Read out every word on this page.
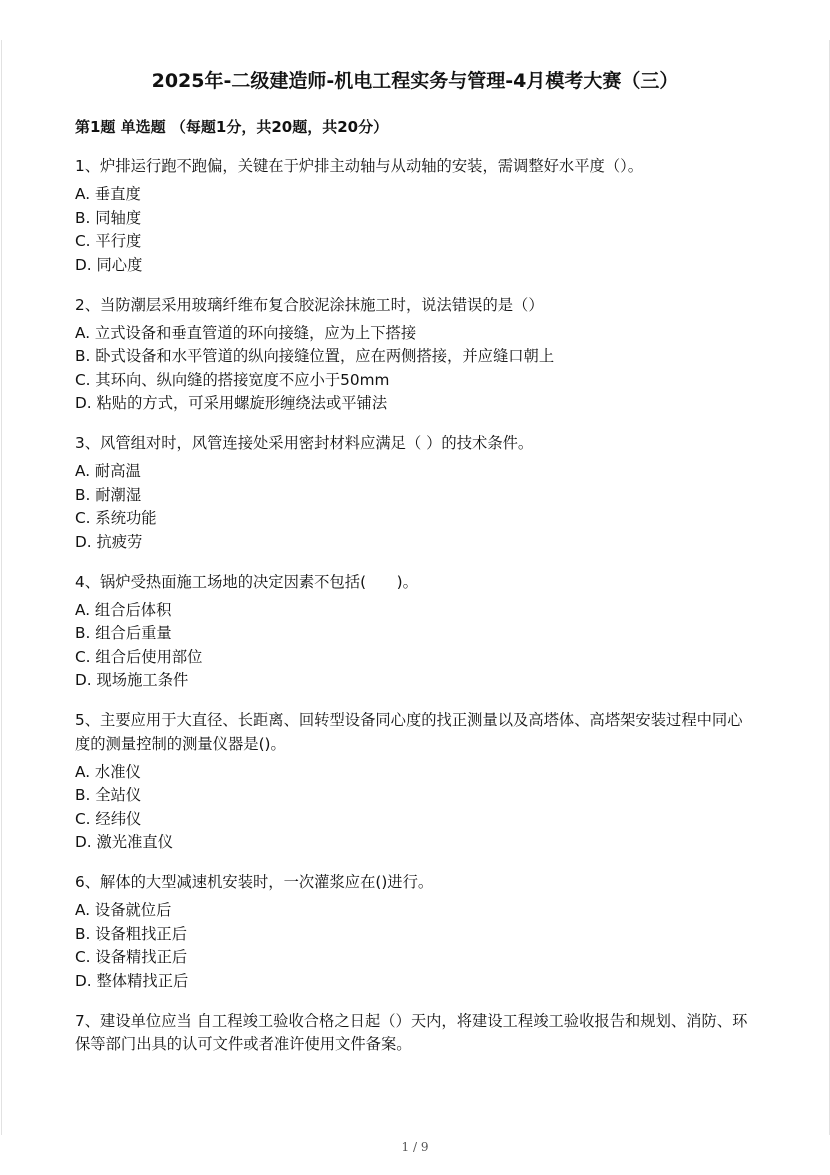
2025年-二级建造师-机电工程实务与管理-4月模考大赛（三）
第1题 单选题 （每题1分，共20题，共20分）
1、炉排运行跑不跑偏，关键在于炉排主动轴与从动轴的安装，需调整好水平度（）。
A. 垂直度
B. 同轴度
C. 平行度
D. 同心度
2、当防潮层采用玻璃纤维布复合胶泥涂抹施工时，说法错误的是（）
A. 立式设备和垂直管道的环向接缝，应为上下搭接
B. 卧式设备和水平管道的纵向接缝位置，应在两侧搭接，并应缝口朝上
C. 其环向、纵向缝的搭接宽度不应小于50mm
D. 粘贴的方式，可采用螺旋形缠绕法或平铺法
3、风管组对时，风管连接处采用密封材料应满足（ ）的技术条件。
A. 耐高温
B. 耐潮湿
C. 系统功能
D. 抗疲劳
4、锅炉受热面施工场地的决定因素不包括(　　)。
A. 组合后体积
B. 组合后重量
C. 组合后使用部位
D. 现场施工条件
5、主要应用于大直径、长距离、回转型设备同心度的找正测量以及高塔体、高塔架安装过程中同心度的测量控制的测量仪器是()。
A. 水准仪
B. 全站仪
C. 经纬仪
D. 激光准直仪
6、解体的大型减速机安装时，一次灌浆应在()进行。
A. 设备就位后
B. 设备粗找正后
C. 设备精找正后
D. 整体精找正后
7、建设单位应当 自工程竣工验收合格之日起（）天内，将建设工程竣工验收报告和规划、消防、环保等部门出具的认可文件或者准许使用文件备案。
1 / 9
